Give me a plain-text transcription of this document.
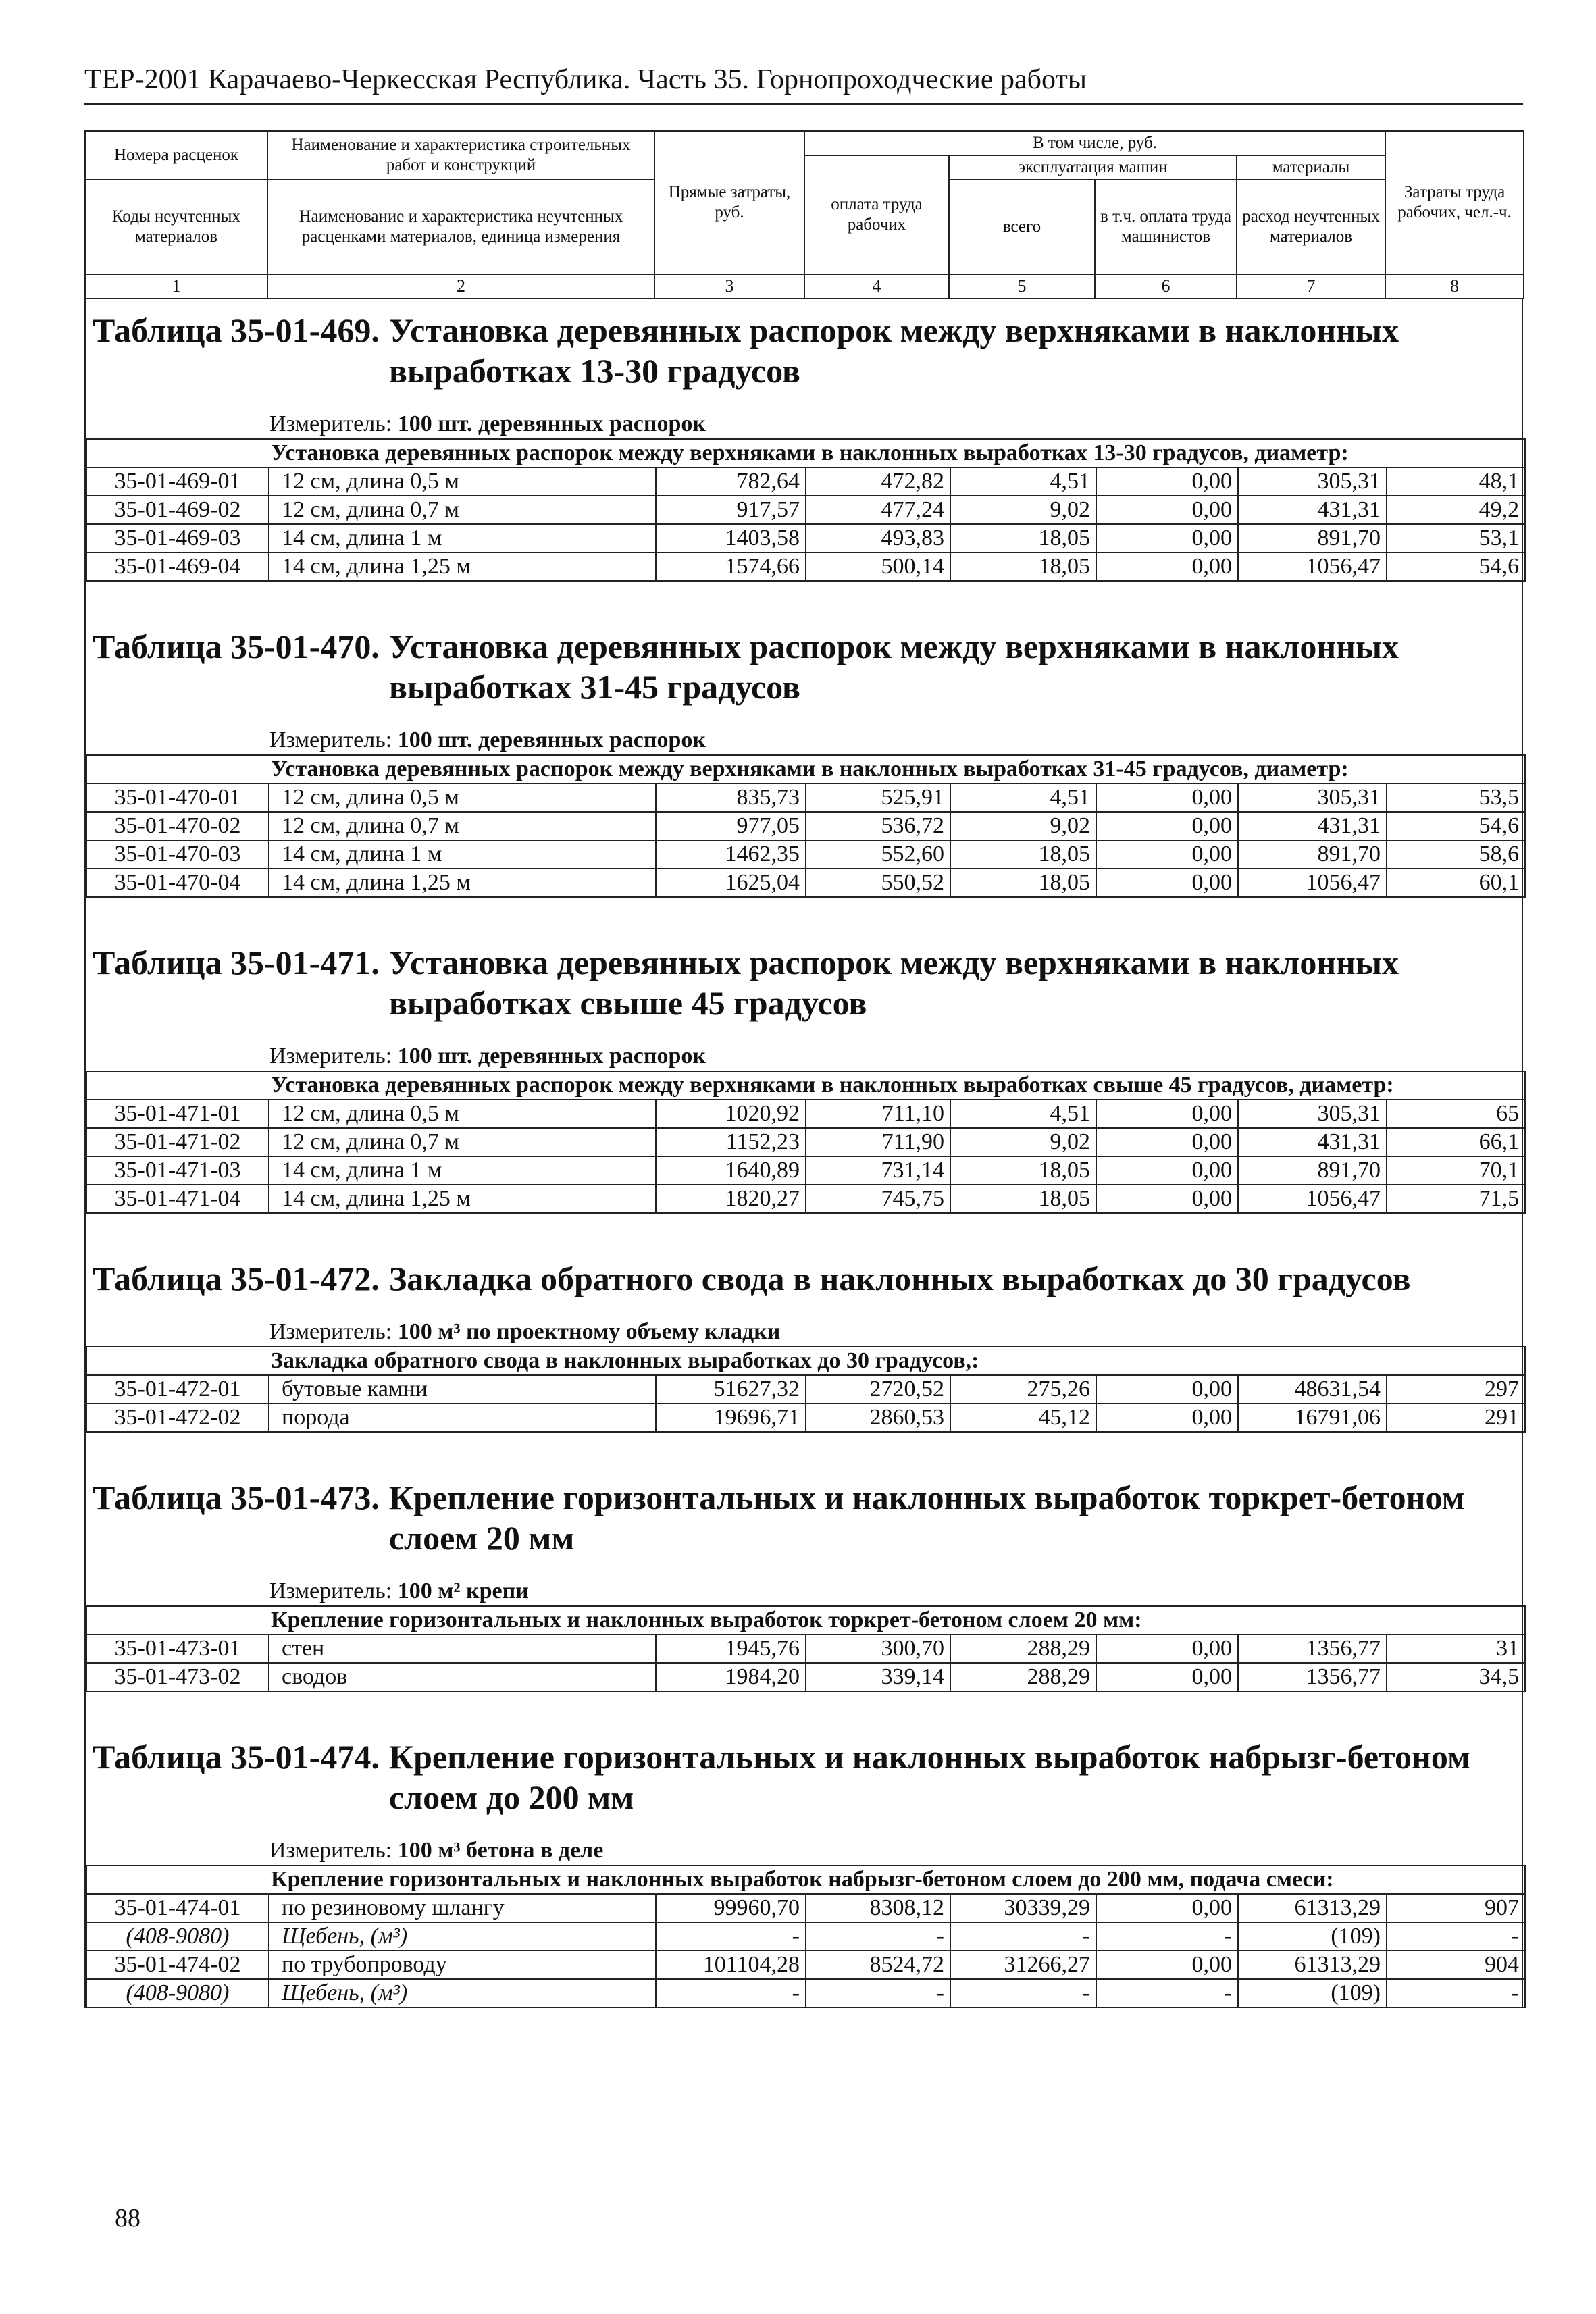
ТЕР-2001 Карачаево-Черкесская Республика. Часть 35. Горнопроходческие работы
Номера расценок	Наименование и характеристика строительных работ и конструкций	Прямые затраты, руб.	В том числе, руб.				Затраты труда рабочих, чел.-ч.
			оплата труда рабочих	эксплуатация машин		материалы	
Коды неучтенных материалов	Наименование и характеристика неучтенных расценками материалов, единица измерения			всего	в т.ч. оплата труда машинистов	расход неучтенных материалов	
1	2	3	4	5	6	7	8
Таблица 35-01-469. Установка деревянных распорок между верхняками в наклонных выработках 13-30 градусов
Измеритель: 100 шт. деревянных распорок
Установка деревянных распорок между верхняками в наклонных выработках 13-30 градусов, диаметр:							
35-01-469-01	12 см, длина 0,5 м	782,64	472,82	4,51	0,00	305,31	48,1
35-01-469-02	12 см, длина 0,7 м	917,57	477,24	9,02	0,00	431,31	49,2
35-01-469-03	14 см, длина 1 м	1403,58	493,83	18,05	0,00	891,70	53,1
35-01-469-04	14 см, длина 1,25 м	1574,66	500,14	18,05	0,00	1056,47	54,6
Таблица 35-01-470. Установка деревянных распорок между верхняками в наклонных выработках 31-45 градусов
Измеритель: 100 шт. деревянных распорок
Установка деревянных распорок между верхняками в наклонных выработках 31-45 градусов, диаметр:							
35-01-470-01	12 см, длина 0,5 м	835,73	525,91	4,51	0,00	305,31	53,5
35-01-470-02	12 см, длина 0,7 м	977,05	536,72	9,02	0,00	431,31	54,6
35-01-470-03	14 см, длина 1 м	1462,35	552,60	18,05	0,00	891,70	58,6
35-01-470-04	14 см, длина 1,25 м	1625,04	550,52	18,05	0,00	1056,47	60,1
Таблица 35-01-471. Установка деревянных распорок между верхняками в наклонных выработках свыше 45 градусов
Измеритель: 100 шт. деревянных распорок
Установка деревянных распорок между верхняками в наклонных выработках свыше 45 градусов, диаметр:							
35-01-471-01	12 см, длина 0,5 м	1020,92	711,10	4,51	0,00	305,31	65
35-01-471-02	12 см, длина 0,7 м	1152,23	711,90	9,02	0,00	431,31	66,1
35-01-471-03	14 см, длина 1 м	1640,89	731,14	18,05	0,00	891,70	70,1
35-01-471-04	14 см, длина 1,25 м	1820,27	745,75	18,05	0,00	1056,47	71,5
Таблица 35-01-472. Закладка обратного свода в наклонных выработках до 30 градусов
Измеритель: 100 м³ по проектному объему кладки
Закладка обратного свода в наклонных выработках до 30 градусов,:							
35-01-472-01	бутовые камни	51627,32	2720,52	275,26	0,00	48631,54	297
35-01-472-02	порода	19696,71	2860,53	45,12	0,00	16791,06	291
Таблица 35-01-473. Крепление горизонтальных и наклонных выработок торкрет-бетоном слоем 20 мм
Измеритель: 100 м² крепи
Крепление горизонтальных и наклонных выработок торкрет-бетоном слоем 20 мм:							
35-01-473-01	стен	1945,76	300,70	288,29	0,00	1356,77	31
35-01-473-02	сводов	1984,20	339,14	288,29	0,00	1356,77	34,5
Таблица 35-01-474. Крепление горизонтальных и наклонных выработок набрызг-бетоном слоем до 200 мм
Измеритель: 100 м³ бетона в деле
Крепление горизонтальных и наклонных выработок набрызг-бетоном слоем до 200 мм, подача смеси:							
35-01-474-01	по резиновому шлангу	99960,70	8308,12	30339,29	0,00	61313,29	907
(408-9080)	Щебень, (м³)	-	-	-	-	(109)	-
35-01-474-02	по трубопроводу	101104,28	8524,72	31266,27	0,00	61313,29	904
(408-9080)	Щебень, (м³)	-	-	-	-	(109)	-
88
